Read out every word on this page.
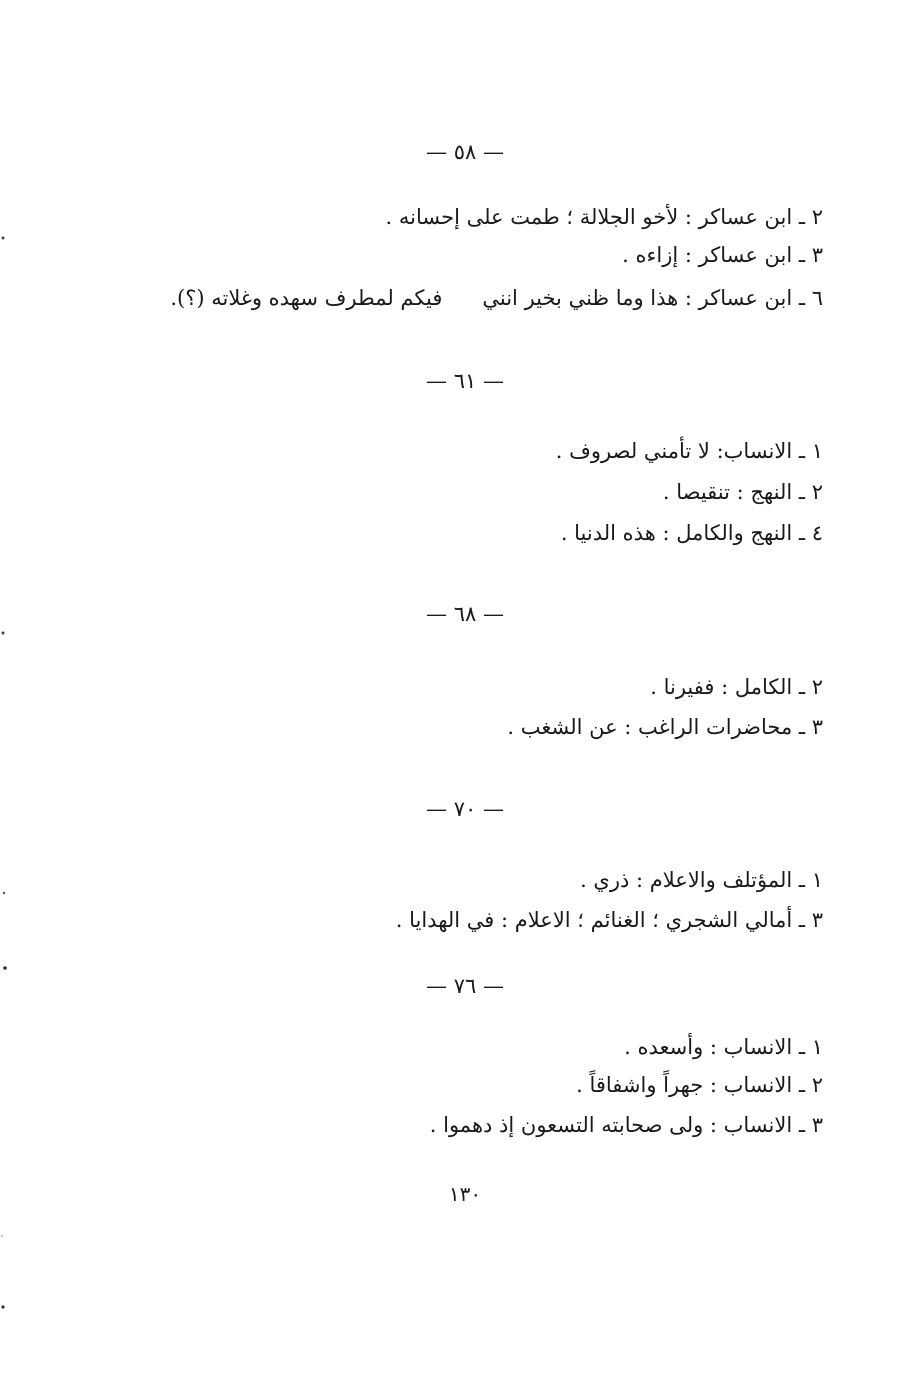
— ٥٨ —
٢ ـ ابن عساكر : لأخو الجلالة ؛ طمت على إحسانه .
٣ ـ ابن عساكر : إزاءه .
٦ ـ ابن عساكر : هذا وما ظني بخير اننيفيكم لمطرف سهده وغلاته (؟).
— ٦١ —
١ ـ الانساب: لا تأمني لصروف .
٢ ـ النهج : تنقيصا .
٤ ـ النهج والكامل : هذه الدنيا .
— ٦٨ —
٢ ـ الكامل : ففيرنا .
٣ ـ محاضرات الراغب : عن الشغب .
— ٧٠ —
١ ـ المؤتلف والاعلام : ذري .
٣ ـ أمالي الشجري ؛ الغنائم ؛ الاعلام : في الهدايا .
— ٧٦ —
١ ـ الانساب : وأسعده .
٢ ـ الانساب : جهراً واشفاقاً .
٣ ـ الانساب : ولى صحابته التسعون إذ دهموا .
١٣٠
